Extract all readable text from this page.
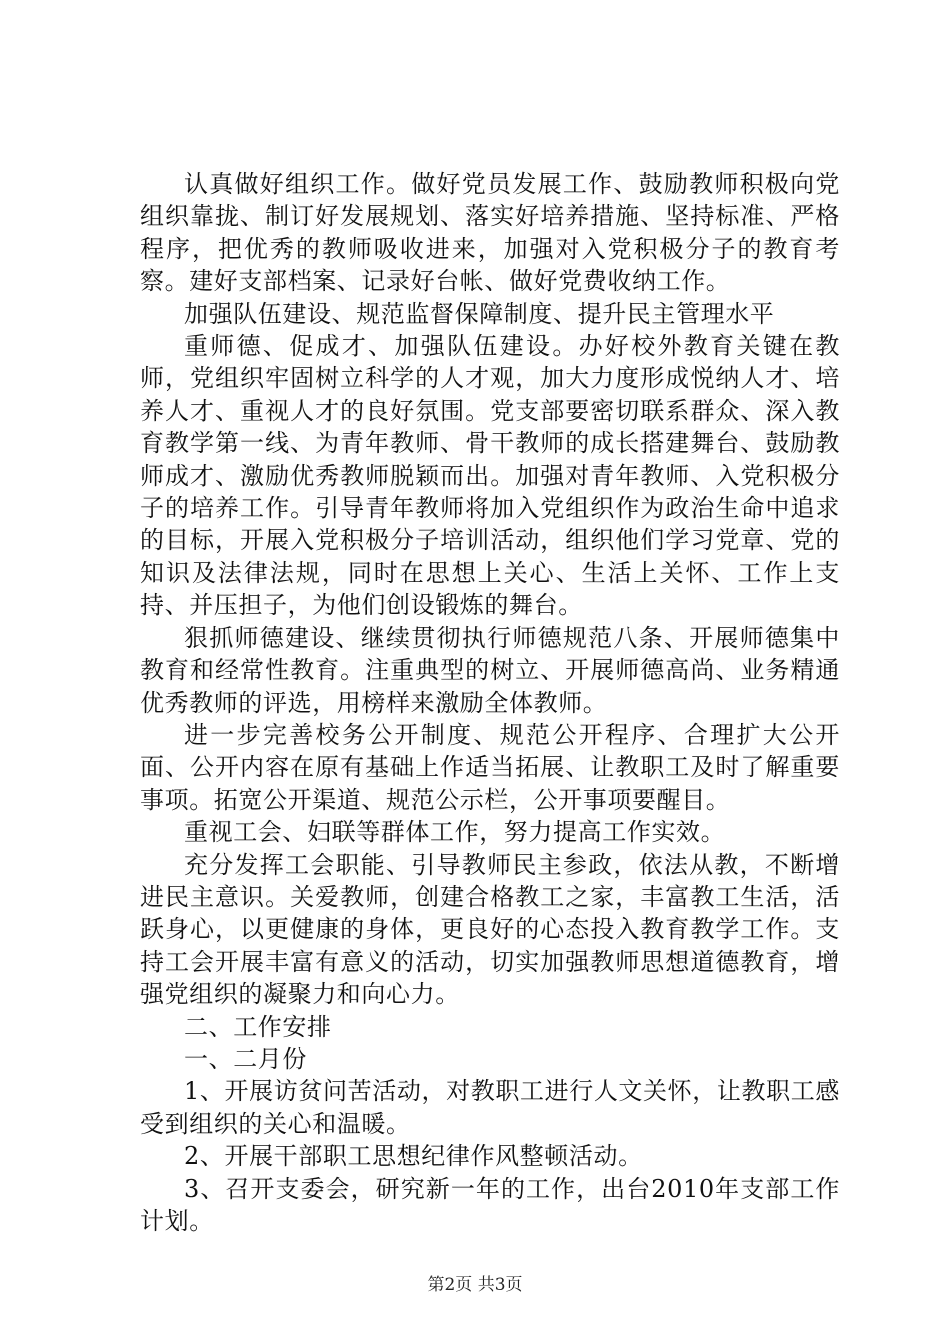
认真做好组织工作。做好党员发展工作、鼓励教师积极向党组织靠拢、制订好发展规划、落实好培养措施、坚持标准、严格程序，把优秀的教师吸收进来，加强对入党积极分子的教育考察。建好支部档案、记录好台帐、做好党费收纳工作。

加强队伍建设、规范监督保障制度、提升民主管理水平

重师德、促成才、加强队伍建设。办好校外教育关键在教师，党组织牢固树立科学的人才观，加大力度形成悦纳人才、培养人才、重视人才的良好氛围。党支部要密切联系群众、深入教育教学第一线、为青年教师、骨干教师的成长搭建舞台、鼓励教师成才、激励优秀教师脱颖而出。加强对青年教师、入党积极分子的培养工作。引导青年教师将加入党组织作为政治生命中追求的目标，开展入党积极分子培训活动，组织他们学习党章、党的知识及法律法规，同时在思想上关心、生活上关怀、工作上支持、并压担子，为他们创设锻炼的舞台。

狠抓师德建设、继续贯彻执行师德规范八条、开展师德集中教育和经常性教育。注重典型的树立、开展师德高尚、业务精通优秀教师的评选，用榜样来激励全体教师。

进一步完善校务公开制度、规范公开程序、合理扩大公开面、公开内容在原有基础上作适当拓展、让教职工及时了解重要事项。拓宽公开渠道、规范公示栏，公开事项要醒目。

重视工会、妇联等群体工作，努力提高工作实效。

充分发挥工会职能、引导教师民主参政，依法从教，不断增进民主意识。关爱教师，创建合格教工之家，丰富教工生活，活跃身心，以更健康的身体，更良好的心态投入教育教学工作。支持工会开展丰富有意义的活动，切实加强教师思想道德教育，增强党组织的凝聚力和向心力。

二、工作安排

一、二月份

1、开展访贫问苦活动，对教职工进行人文关怀，让教职工感受到组织的关心和温暖。

2、开展干部职工思想纪律作风整顿活动。

3、召开支委会，研究新一年的工作，出台2010年支部工作计划。

第2页 共3页
